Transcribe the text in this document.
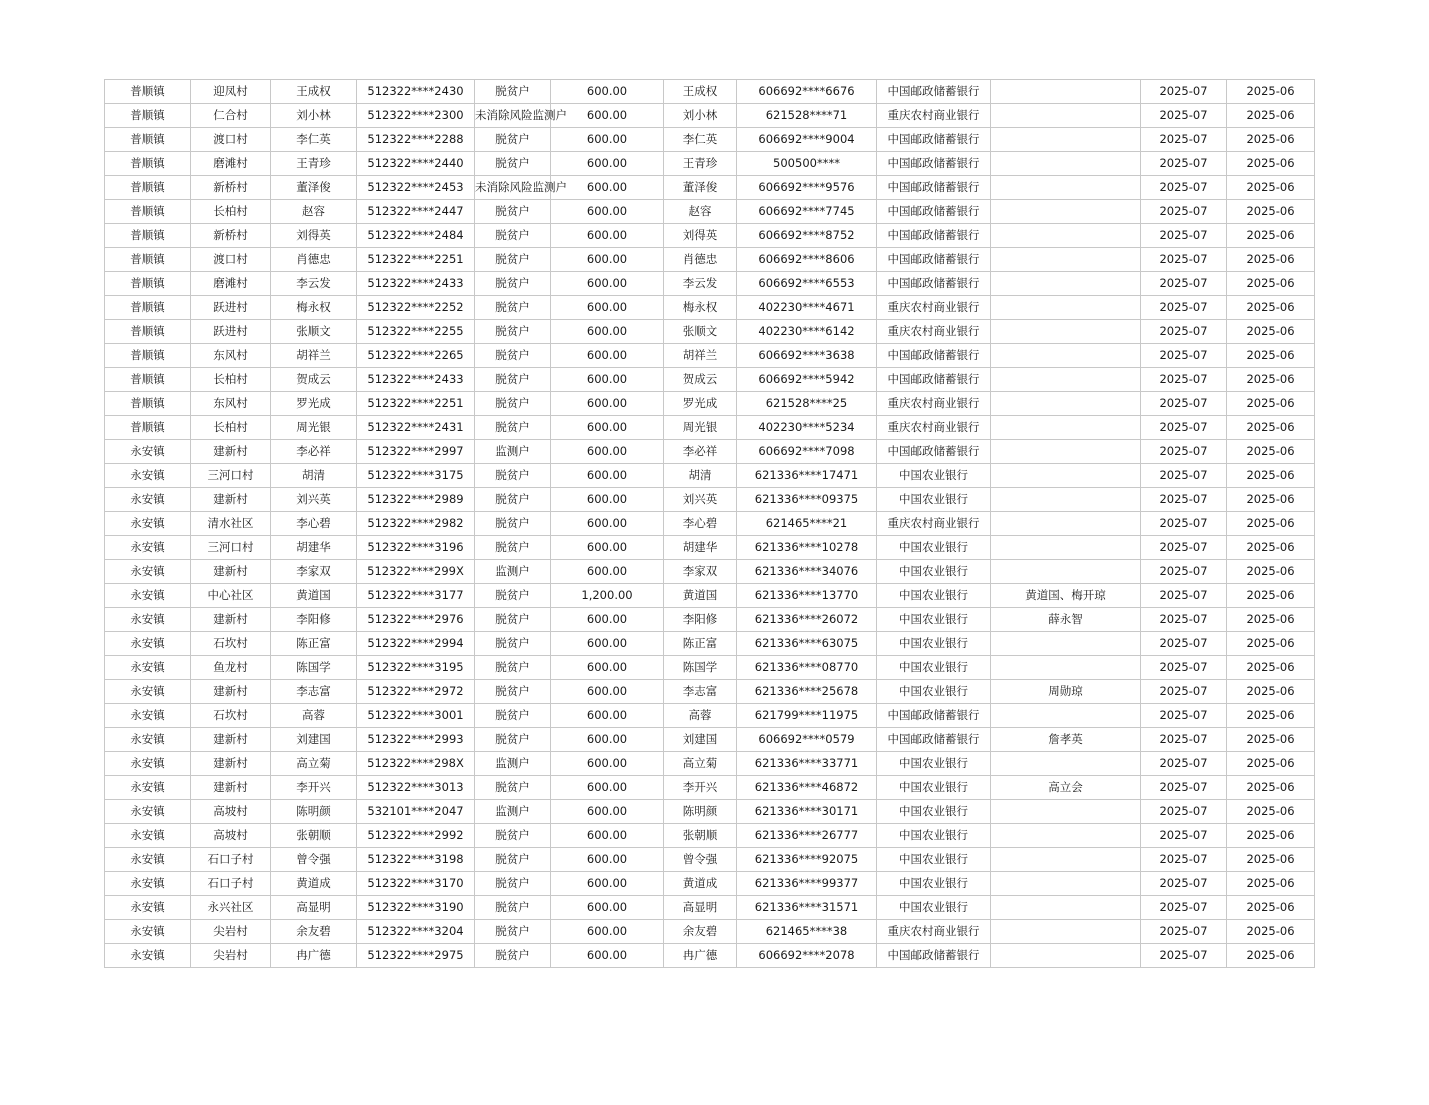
普顺镇	迎凤村	王成权	512322****2430	脱贫户	600.00	王成权	606692****6676	中国邮政储蓄银行		2025-07	2025-06
普顺镇	仁合村	刘小林	512322****2300	未消除风险监测户	600.00	刘小林	621528****71	重庆农村商业银行		2025-07	2025-06
普顺镇	渡口村	李仁英	512322****2288	脱贫户	600.00	李仁英	606692****9004	中国邮政储蓄银行		2025-07	2025-06
普顺镇	磨滩村	王青珍	512322****2440	脱贫户	600.00	王青珍	500500****	中国邮政储蓄银行		2025-07	2025-06
普顺镇	新桥村	董泽俊	512322****2453	未消除风险监测户	600.00	董泽俊	606692****9576	中国邮政储蓄银行		2025-07	2025-06
普顺镇	长柏村	赵容	512322****2447	脱贫户	600.00	赵容	606692****7745	中国邮政储蓄银行		2025-07	2025-06
普顺镇	新桥村	刘得英	512322****2484	脱贫户	600.00	刘得英	606692****8752	中国邮政储蓄银行		2025-07	2025-06
普顺镇	渡口村	肖德忠	512322****2251	脱贫户	600.00	肖德忠	606692****8606	中国邮政储蓄银行		2025-07	2025-06
普顺镇	磨滩村	李云发	512322****2433	脱贫户	600.00	李云发	606692****6553	中国邮政储蓄银行		2025-07	2025-06
普顺镇	跃进村	梅永权	512322****2252	脱贫户	600.00	梅永权	402230****4671	重庆农村商业银行		2025-07	2025-06
普顺镇	跃进村	张顺文	512322****2255	脱贫户	600.00	张顺文	402230****6142	重庆农村商业银行		2025-07	2025-06
普顺镇	东风村	胡祥兰	512322****2265	脱贫户	600.00	胡祥兰	606692****3638	中国邮政储蓄银行		2025-07	2025-06
普顺镇	长柏村	贺成云	512322****2433	脱贫户	600.00	贺成云	606692****5942	中国邮政储蓄银行		2025-07	2025-06
普顺镇	东风村	罗光成	512322****2251	脱贫户	600.00	罗光成	621528****25	重庆农村商业银行		2025-07	2025-06
普顺镇	长柏村	周光银	512322****2431	脱贫户	600.00	周光银	402230****5234	重庆农村商业银行		2025-07	2025-06
永安镇	建新村	李必祥	512322****2997	监测户	600.00	李必祥	606692****7098	中国邮政储蓄银行		2025-07	2025-06
永安镇	三河口村	胡清	512322****3175	脱贫户	600.00	胡清	621336****17471	中国农业银行		2025-07	2025-06
永安镇	建新村	刘兴英	512322****2989	脱贫户	600.00	刘兴英	621336****09375	中国农业银行		2025-07	2025-06
永安镇	清水社区	李心碧	512322****2982	脱贫户	600.00	李心碧	621465****21	重庆农村商业银行		2025-07	2025-06
永安镇	三河口村	胡建华	512322****3196	脱贫户	600.00	胡建华	621336****10278	中国农业银行		2025-07	2025-06
永安镇	建新村	李家双	512322****299X	监测户	600.00	李家双	621336****34076	中国农业银行		2025-07	2025-06
永安镇	中心社区	黄道国	512322****3177	脱贫户	1,200.00	黄道国	621336****13770	中国农业银行	黄道国、梅开琼	2025-07	2025-06
永安镇	建新村	李阳修	512322****2976	脱贫户	600.00	李阳修	621336****26072	中国农业银行	薛永智	2025-07	2025-06
永安镇	石坎村	陈正富	512322****2994	脱贫户	600.00	陈正富	621336****63075	中国农业银行		2025-07	2025-06
永安镇	鱼龙村	陈国学	512322****3195	脱贫户	600.00	陈国学	621336****08770	中国农业银行		2025-07	2025-06
永安镇	建新村	李志富	512322****2972	脱贫户	600.00	李志富	621336****25678	中国农业银行	周勋琼	2025-07	2025-06
永安镇	石坎村	高蓉	512322****3001	脱贫户	600.00	高蓉	621799****11975	中国邮政储蓄银行		2025-07	2025-06
永安镇	建新村	刘建国	512322****2993	脱贫户	600.00	刘建国	606692****0579	中国邮政储蓄银行	詹孝英	2025-07	2025-06
永安镇	建新村	高立菊	512322****298X	监测户	600.00	高立菊	621336****33771	中国农业银行		2025-07	2025-06
永安镇	建新村	李开兴	512322****3013	脱贫户	600.00	李开兴	621336****46872	中国农业银行	高立会	2025-07	2025-06
永安镇	高坡村	陈明颜	532101****2047	监测户	600.00	陈明颜	621336****30171	中国农业银行		2025-07	2025-06
永安镇	高坡村	张朝顺	512322****2992	脱贫户	600.00	张朝顺	621336****26777	中国农业银行		2025-07	2025-06
永安镇	石口子村	曾令强	512322****3198	脱贫户	600.00	曾令强	621336****92075	中国农业银行		2025-07	2025-06
永安镇	石口子村	黄道成	512322****3170	脱贫户	600.00	黄道成	621336****99377	中国农业银行		2025-07	2025-06
永安镇	永兴社区	高显明	512322****3190	脱贫户	600.00	高显明	621336****31571	中国农业银行		2025-07	2025-06
永安镇	尖岩村	余友碧	512322****3204	脱贫户	600.00	余友碧	621465****38	重庆农村商业银行		2025-07	2025-06
永安镇	尖岩村	冉广德	512322****2975	脱贫户	600.00	冉广德	606692****2078	中国邮政储蓄银行		2025-07	2025-06
